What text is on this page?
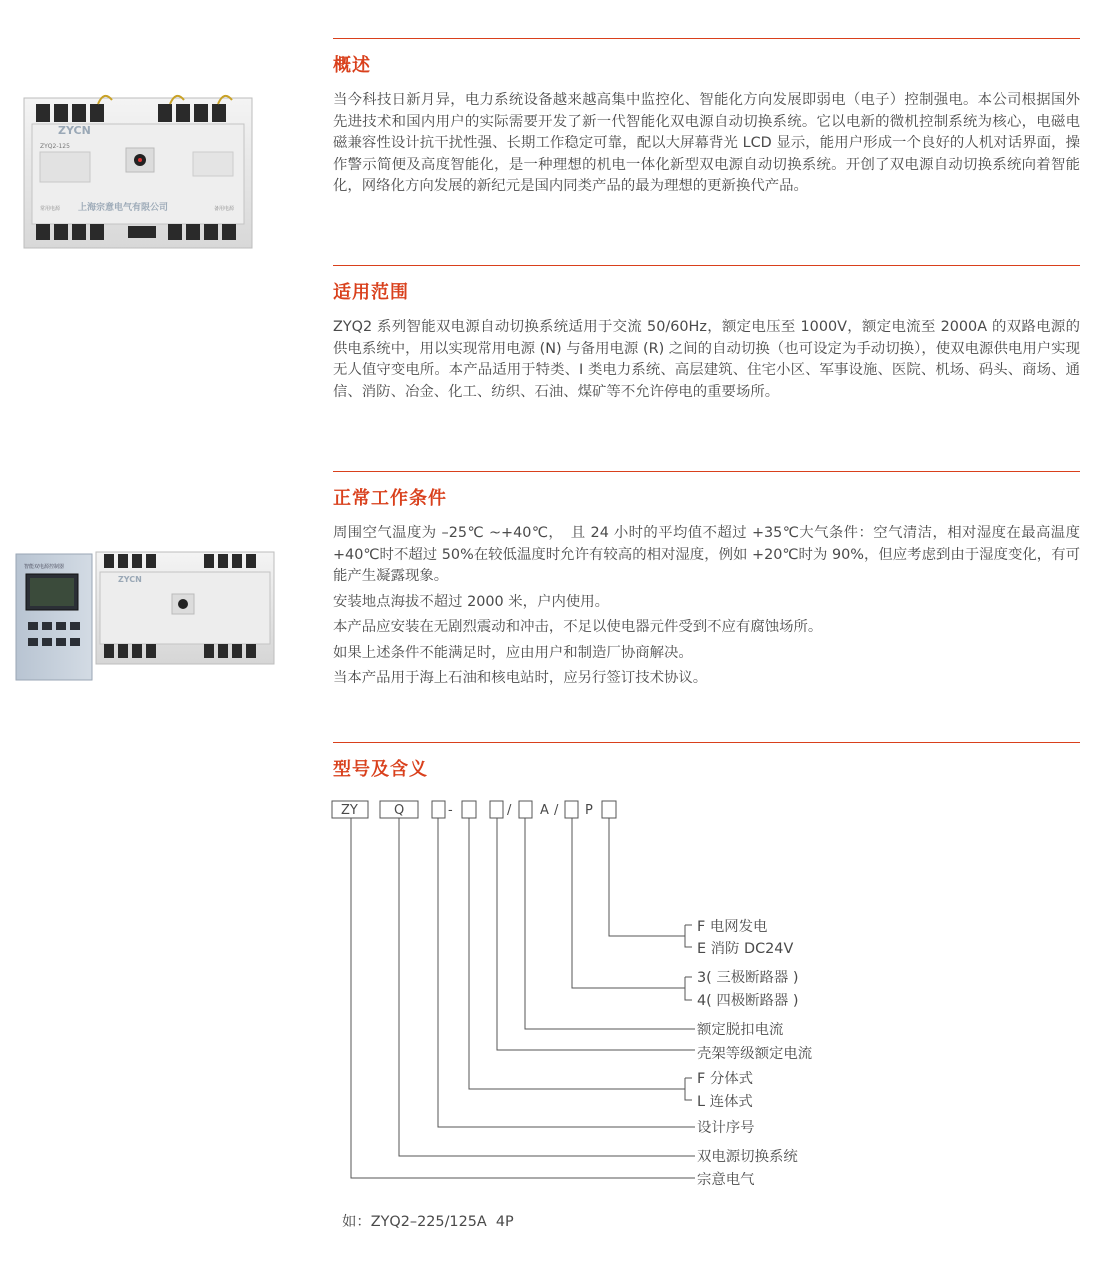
概述

当今科技日新月异，电力系统设备越来越高集中监控化、智能化方向发展即弱电（电子）控制强电。本公司根据国外先进技术和国内用户的实际需要开发了新一代智能化双电源自动切换系统。它以电新的微机控制系统为核心，电磁电磁兼容性设计抗干扰性强、长期工作稳定可靠，配以大屏幕背光 LCD 显示，能用户形成一个良好的人机对话界面，操作警示简便及高度智能化，是一种理想的机电一体化新型双电源自动切换系统。开创了双电源自动切换系统向着智能化，网络化方向发展的新纪元是国内同类产品的最为理想的更新换代产品。

适用范围

ZYQ2 系列智能双电源自动切换系统适用于交流 50/60Hz，额定电压至 1000V，额定电流至 2000A 的双路电源的供电系统中，用以实现常用电源 (N) 与备用电源 (R) 之间的自动切换（也可设定为手动切换），使双电源供电用户实现无人值守变电所。本产品适用于特类、I 类电力系统、高层建筑、住宅小区、军事设施、医院、机场、码头、商场、通信、消防、冶金、化工、纺织、石油、煤矿等不允许停电的重要场所。

正常工作条件

周围空气温度为 –25℃ ~+40℃，　且 24 小时的平均值不超过 +35℃大气条件：空气清洁，相对湿度在最高温度 +40℃时不超过 50%在较低温度时允许有较高的相对湿度，例如 +20℃时为 90%，但应考虑到由于湿度变化，有可能产生凝露现象。

安装地点海拔不超过 2000 米，户内使用。

本产品应安装在无剧烈震动和冲击，不足以使电器元件受到不应有腐蚀场所。

如果上述条件不能满足时，应由用户和制造厂协商解决。

当本产品用于海上石油和核电站时，应另行签订技术协议。

型号及含义
ZYCN
ZYQ2-125
常用电源 上海宗意电气有限公司	备用电源
智能双电源控制器
ZYCN
ZY	Q	-	/ A / P
F 电网发电
E 消防 DC24V
3( 三极断路器 )
4( 四极断路器 )
额定脱扣电流
壳架等级额定电流
F 分体式
L 连体式
设计序号
双电源切换系统
宗意电气
如：ZYQ2–225/125A  4P
